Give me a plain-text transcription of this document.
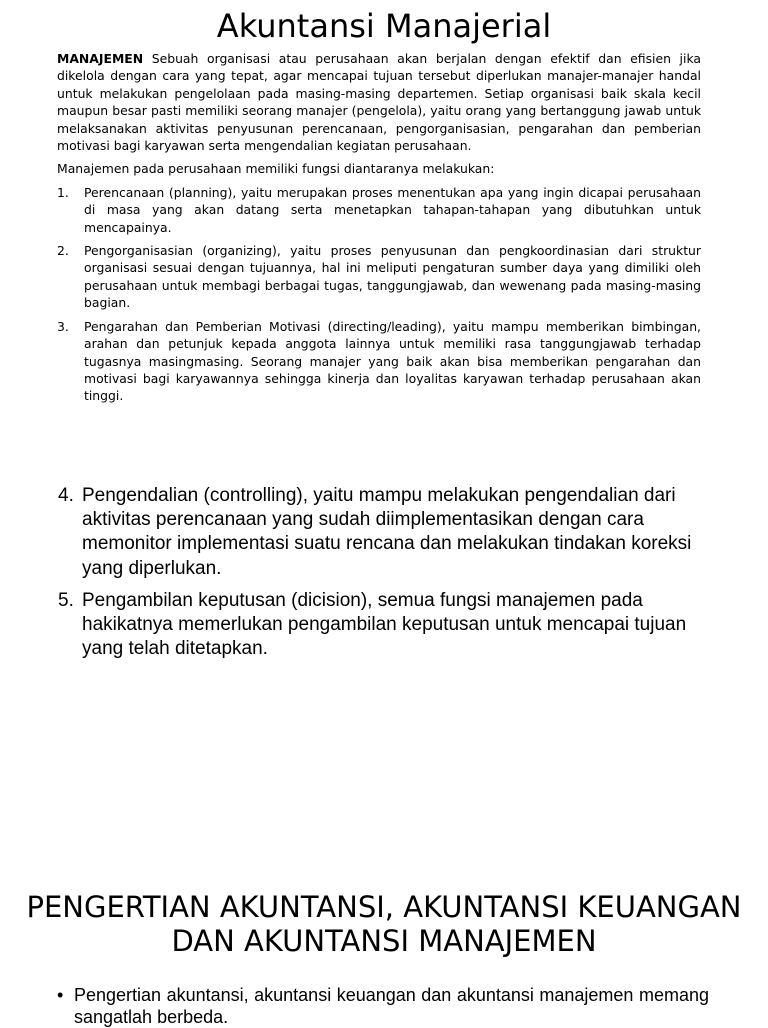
Akuntansi Manajerial

MANAJEMEN Sebuah organisasi atau perusahaan akan berjalan dengan efektif dan efisien jika dikelola dengan cara yang tepat, agar mencapai tujuan tersebut diperlukan manajer-manajer handal untuk melakukan pengelolaan pada masing-masing departemen. Setiap organisasi baik skala kecil maupun besar pasti memiliki seorang manajer (pengelola), yaitu orang yang bertanggung jawab untuk melaksanakan aktivitas penyusunan perencanaan, pengorganisasian, pengarahan dan pemberian motivasi bagi karyawan serta mengendalian kegiatan perusahaan.

Manajemen pada perusahaan memiliki fungsi diantaranya melakukan:

1. Perencanaan (planning), yaitu merupakan proses menentukan apa yang ingin dicapai perusahaan di masa yang akan datang serta menetapkan tahapan-tahapan yang dibutuhkan untuk mencapainya.
2. Pengorganisasian (organizing), yaitu proses penyusunan dan pengkoordinasian dari struktur organisasi sesuai dengan tujuannya, hal ini meliputi pengaturan sumber daya yang dimiliki oleh perusahaan untuk membagi berbagai tugas, tanggungjawab, dan wewenang pada masing-masing bagian.
3. Pengarahan dan Pemberian Motivasi (directing/leading), yaitu mampu memberikan bimbingan, arahan dan petunjuk kepada anggota lainnya untuk memiliki rasa tanggungjawab terhadap tugasnya masingmasing. Seorang manajer yang baik akan bisa memberikan pengarahan dan motivasi bagi karyawannya sehingga kinerja dan loyalitas karyawan terhadap perusahaan akan tinggi.
4. Pengendalian (controlling), yaitu mampu melakukan pengendalian dari aktivitas perencanaan yang sudah diimplementasikan dengan cara memonitor implementasi suatu rencana dan melakukan tindakan koreksi yang diperlukan.
5. Pengambilan keputusan (dicision), semua fungsi manajemen pada hakikatnya memerlukan pengambilan keputusan untuk mencapai tujuan yang telah ditetapkan.
PENGERTIAN AKUNTANSI, AKUNTANSI KEUANGAN DAN AKUNTANSI MANAJEMEN
• Pengertian akuntansi, akuntansi keuangan dan akuntansi manajemen memang sangatlah berbeda.
